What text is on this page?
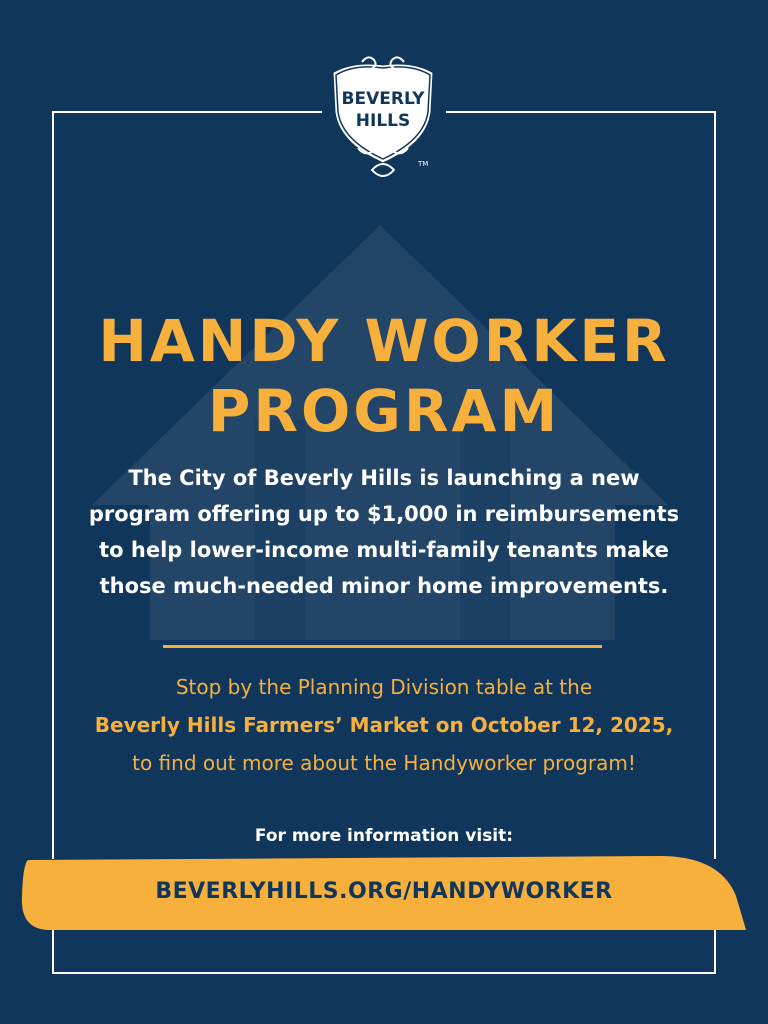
BEVERLY
HILLS
TM
HANDY WORKER
PROGRAM
The City of Beverly Hills is launching a new
program offering up to $1,000 in reimbursements
to help lower-income multi-family tenants make
those much-needed minor home improvements.
Stop by the Planning Division table at the
Beverly Hills Farmers’ Market on October 12, 2025,
to find out more about the Handyworker program!
For more information visit:
BEVERLYHILLS.ORG/HANDYWORKER
